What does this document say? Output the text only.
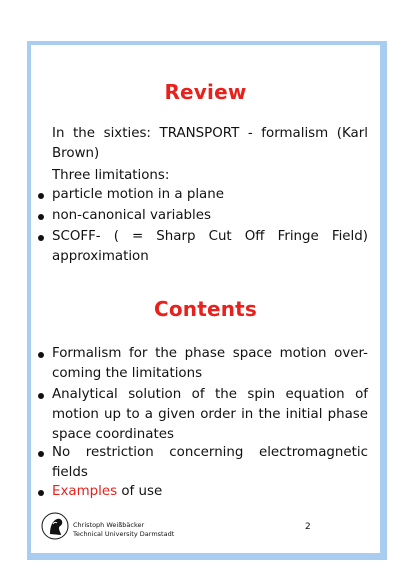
Review
In the sixties: TRANSPORT - formalism (Karl Brown)
Three limitations:
particle motion in a plane
non-canonical variables
SCOFF- ( = Sharp Cut Off Fringe Field) approximation
Contents
Formalism for the phase space motion over-coming the limitations
Analytical solution of the spin equation of motion up to a given order in the initial phase space coordinates
No restriction concerning electromagnetic fields
Examples of use
Christoph Weißbäcker
Technical University Darmstadt
2
